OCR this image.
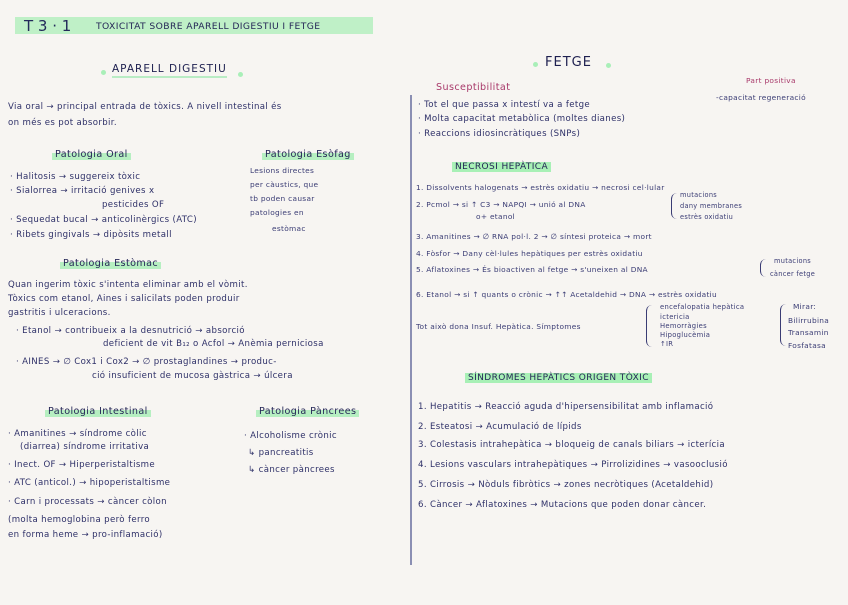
T 3 · 1	TOXICITAT SOBRE APARELL DIGESTIU I FETGE
APARELL DIGESTIU
Via oral → principal entrada de tòxics. A nivell intestinal és
on més es pot absorbir.
Patologia Oral
· Halitosis → suggereix tòxic
· Sialorrea → irritació genives x
pesticides OF
· Sequedat bucal → anticolinèrgics (ATC)
· Ribets gingivals → dipòsits metall
Patologia Esòfag
Lesions directes
per càustics, que
tb poden causar
patologies en
estòmac
Patologia Estòmac
Quan ingerim tòxic s'intenta eliminar amb el vòmit.
Tòxics com etanol, Aines i salicilats poden produir
gastritis i ulceracions.
· Etanol → contribueix a la desnutrició → absorció
deficient de vit B₁₂ o Acfol → Anèmia perniciosa
· AINES → ∅ Cox1 i Cox2 → ∅ prostaglandines → produc-
ció insuficient de mucosa gàstrica → úlcera
Patologia Intestinal
· Amanitines → síndrome còlic
(diarrea) síndrome irritativa
· Inect. OF → Hiperperistaltisme
· ATC (anticol.) → hipoperistaltisme
· Carn i processats → càncer còlon
(molta hemoglobina però ferro
en forma heme → pro-inflamació)
Patologia Pàncrees
· Alcoholisme crònic
↳ pancreatitis
↳ càncer pàncrees
FETGE
Susceptibilitat
· Tot el que passa x intestí va a fetge
· Molta capacitat metabòlica (moltes dianes)
· Reaccions idiosincràtiques (SNPs)
Part positiva
-capacitat regeneració
NECROSI HEPÀTICA
1. Dissolvents halogenats → estrès oxidatiu → necrosi cel·lular
2. Pcmol → si ↑ C3 → NAPQI → unió al DNA
mutacions
dany membranes
estrès oxidatiu
o+ etanol
3. Amanitines → ∅ RNA pol·l. 2 → ∅ síntesi proteica → mort
4. Fòsfor → Dany cèl·lules hepàtiques per estrès oxidatiu
5. Aflatoxines → És bioactiven al fetge → s'uneixen al DNA
mutacions
càncer fetge
6. Etanol → si ↑ quants o crònic → ↑↑ Acetaldehid → DNA → estrès oxidatiu
Tot això dona Insuf. Hepàtica. Símptomes
encefalopatia hepàtica
ictericia
Hemorràgies
Hipoglucèmia
↑IR
Mirar:
Bilirrubina
Transamin
Fosfatasa
SÍNDROMES HEPÀTICS ORIGEN TÒXIC
1. Hepatitis → Reacció aguda d'hipersensibilitat amb inflamació
2. Esteatosi → Acumulació de lípids
3. Colestasis intrahepàtica → bloqueig de canals biliars → icterícia
4. Lesions vasculars intrahepàtiques → Pirrolizidines → vasooclusió
5. Cirrosis → Nòduls fibròtics → zones necròtiques (Acetaldehid)
6. Càncer → Aflatoxines → Mutacions que poden donar càncer.
